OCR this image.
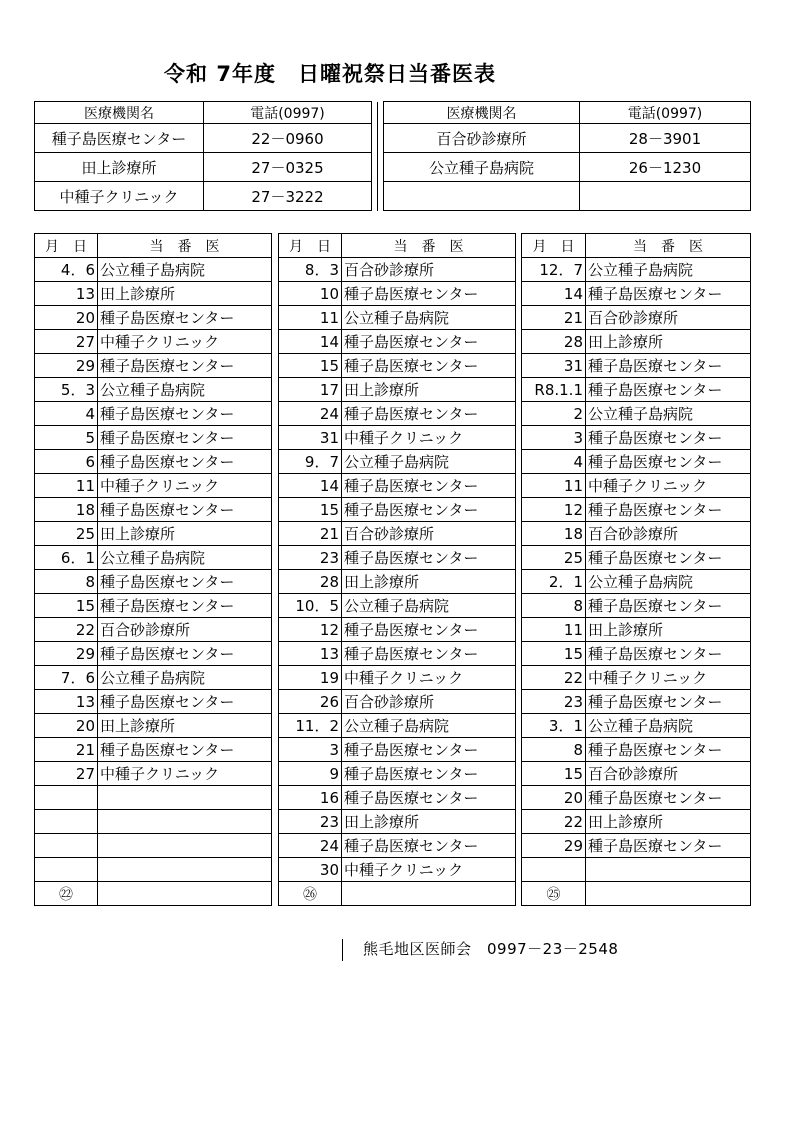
令和 7年度　日曜祝祭日当番医表
医療機関名	電話(0997)			医療機関名	電話(0997)
種子島医療センター	22－0960			百合砂診療所	28－3901
田上診療所	27－0325			公立種子島病院	26－1230
中種子クリニック	27－3222				
月　日	当　番　医
4．6	公立種子島病院
13	田上診療所
20	種子島医療センター
27	中種子クリニック
29	種子島医療センター
5．3	公立種子島病院
4	種子島医療センター
5	種子島医療センター
6	種子島医療センター
11	中種子クリニック
18	種子島医療センター
25	田上診療所
6．1	公立種子島病院
8	種子島医療センター
15	種子島医療センター
22	百合砂診療所
29	種子島医療センター
7．6	公立種子島病院
13	種子島医療センター
20	田上診療所
21	種子島医療センター
27	中種子クリニック

㉒	
月　日	当　番　医
8．3	百合砂診療所
10	種子島医療センター
11	公立種子島病院
14	種子島医療センター
15	種子島医療センター
17	田上診療所
24	種子島医療センター
31	中種子クリニック
9．7	公立種子島病院
14	種子島医療センター
15	種子島医療センター
21	百合砂診療所
23	種子島医療センター
28	田上診療所
10．5	公立種子島病院
12	種子島医療センター
13	種子島医療センター
19	中種子クリニック
26	百合砂診療所
11．2	公立種子島病院
3	種子島医療センター
9	種子島医療センター
16	種子島医療センター
23	田上診療所
24	種子島医療センター
30	中種子クリニック
㉖	
月　日	当　番　医
12．7	公立種子島病院
14	種子島医療センター
21	百合砂診療所
28	田上診療所
31	種子島医療センター
R8.1.1	種子島医療センター
2	公立種子島病院
3	種子島医療センター
4	種子島医療センター
11	中種子クリニック
12	種子島医療センター
18	百合砂診療所
25	種子島医療センター
2．1	公立種子島病院
8	種子島医療センター
11	田上診療所
15	種子島医療センター
22	中種子クリニック
23	種子島医療センター
3．1	公立種子島病院
8	種子島医療センター
15	百合砂診療所
20	種子島医療センター
22	田上診療所
29	種子島医療センター

㉕	
熊毛地区医師会　0997－23－2548
